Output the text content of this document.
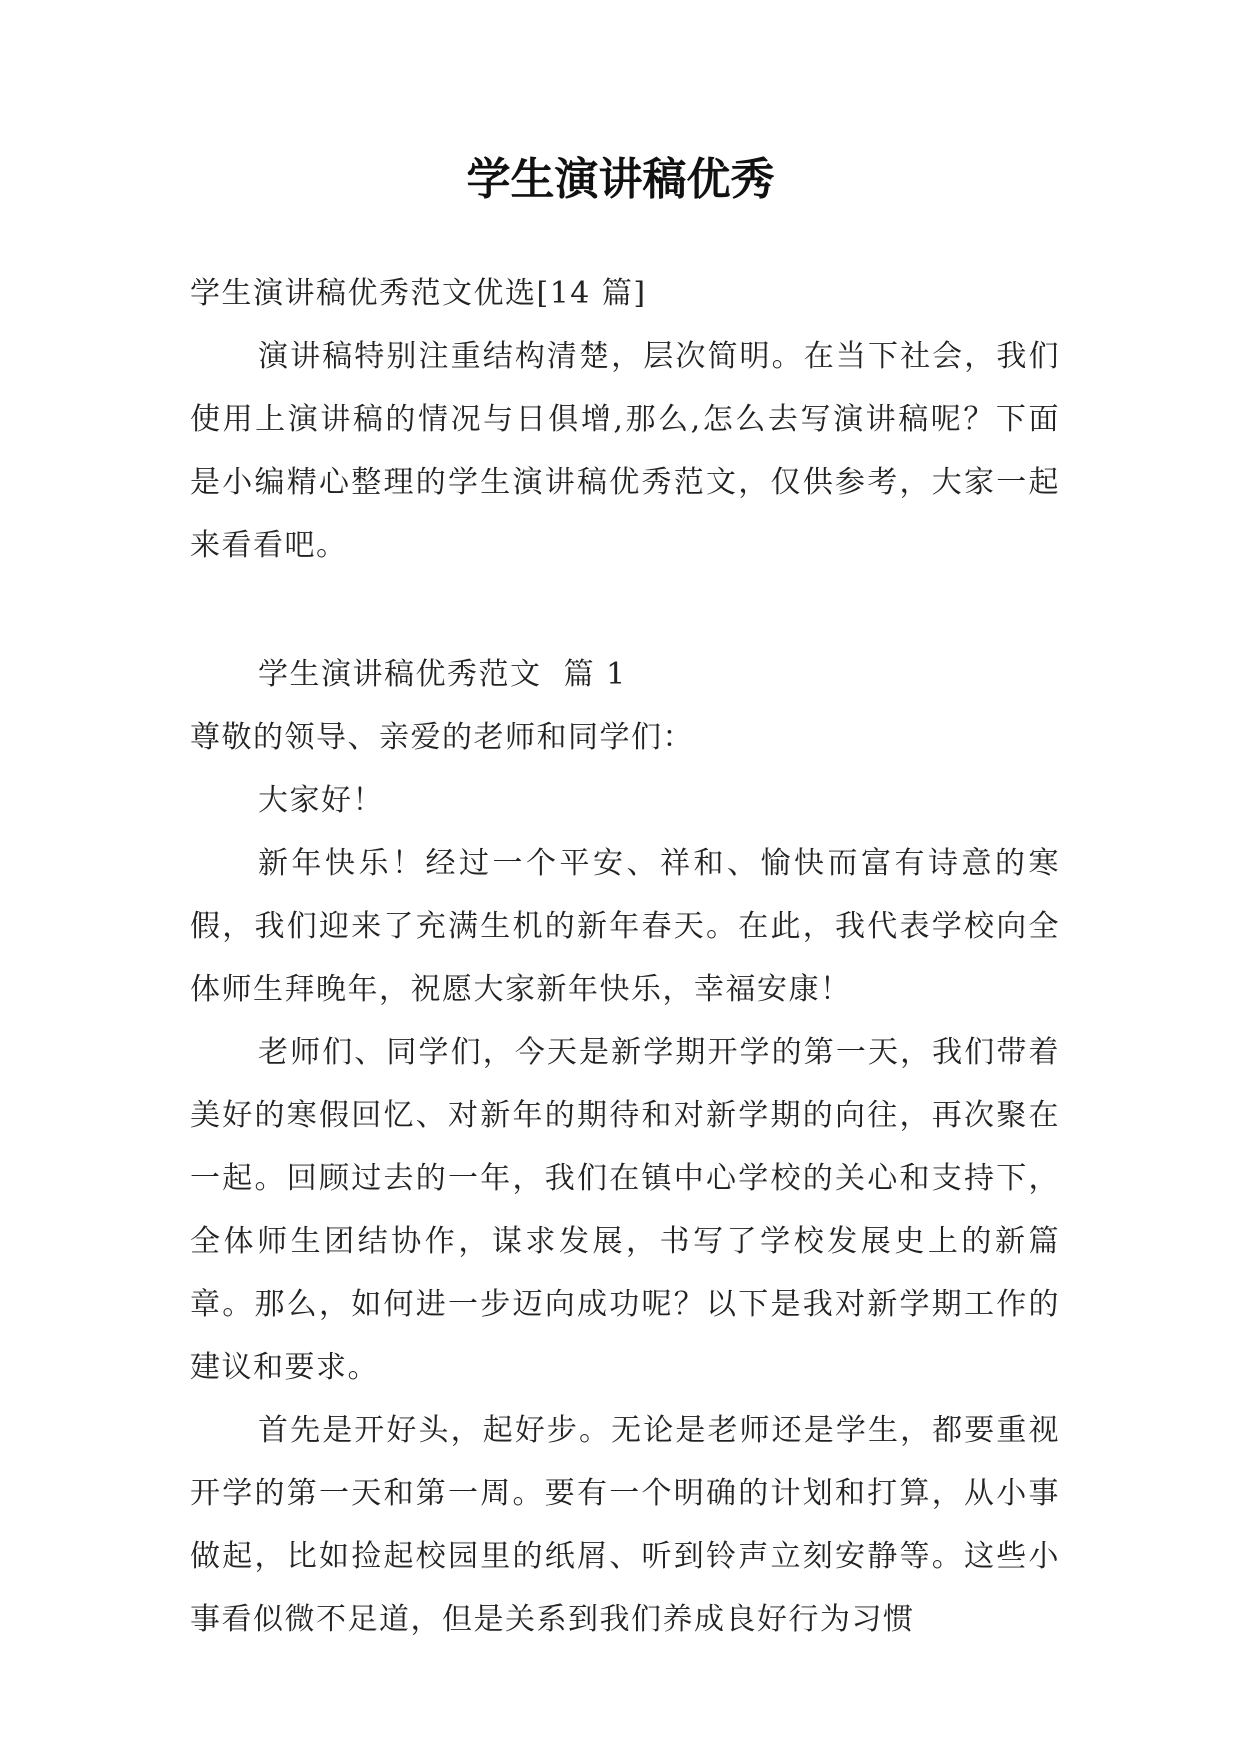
学生演讲稿优秀

学生演讲稿优秀范文优选[14 篇]

演讲稿特别注重结构清楚，层次简明。在当下社会，我们使用上演讲稿的情况与日俱增,那么,怎么去写演讲稿呢？下面是小编精心整理的学生演讲稿优秀范文，仅供参考，大家一起来看看吧。

学生演讲稿优秀范文  篇 1

尊敬的领导、亲爱的老师和同学们：

大家好！

新年快乐！经过一个平安、祥和、愉快而富有诗意的寒假，我们迎来了充满生机的新年春天。在此，我代表学校向全体师生拜晚年，祝愿大家新年快乐，幸福安康！

老师们、同学们，今天是新学期开学的第一天，我们带着美好的寒假回忆、对新年的期待和对新学期的向往，再次聚在一起。回顾过去的一年，我们在镇中心学校的关心和支持下，全体师生团结协作，谋求发展，书写了学校发展史上的新篇章。那么，如何进一步迈向成功呢？以下是我对新学期工作的建议和要求。

首先是开好头，起好步。无论是老师还是学生，都要重视开学的第一天和第一周。要有一个明确的计划和打算，从小事做起，比如捡起校园里的纸屑、听到铃声立刻安静等。这些小事看似微不足道，但是关系到我们养成良好行为习惯
